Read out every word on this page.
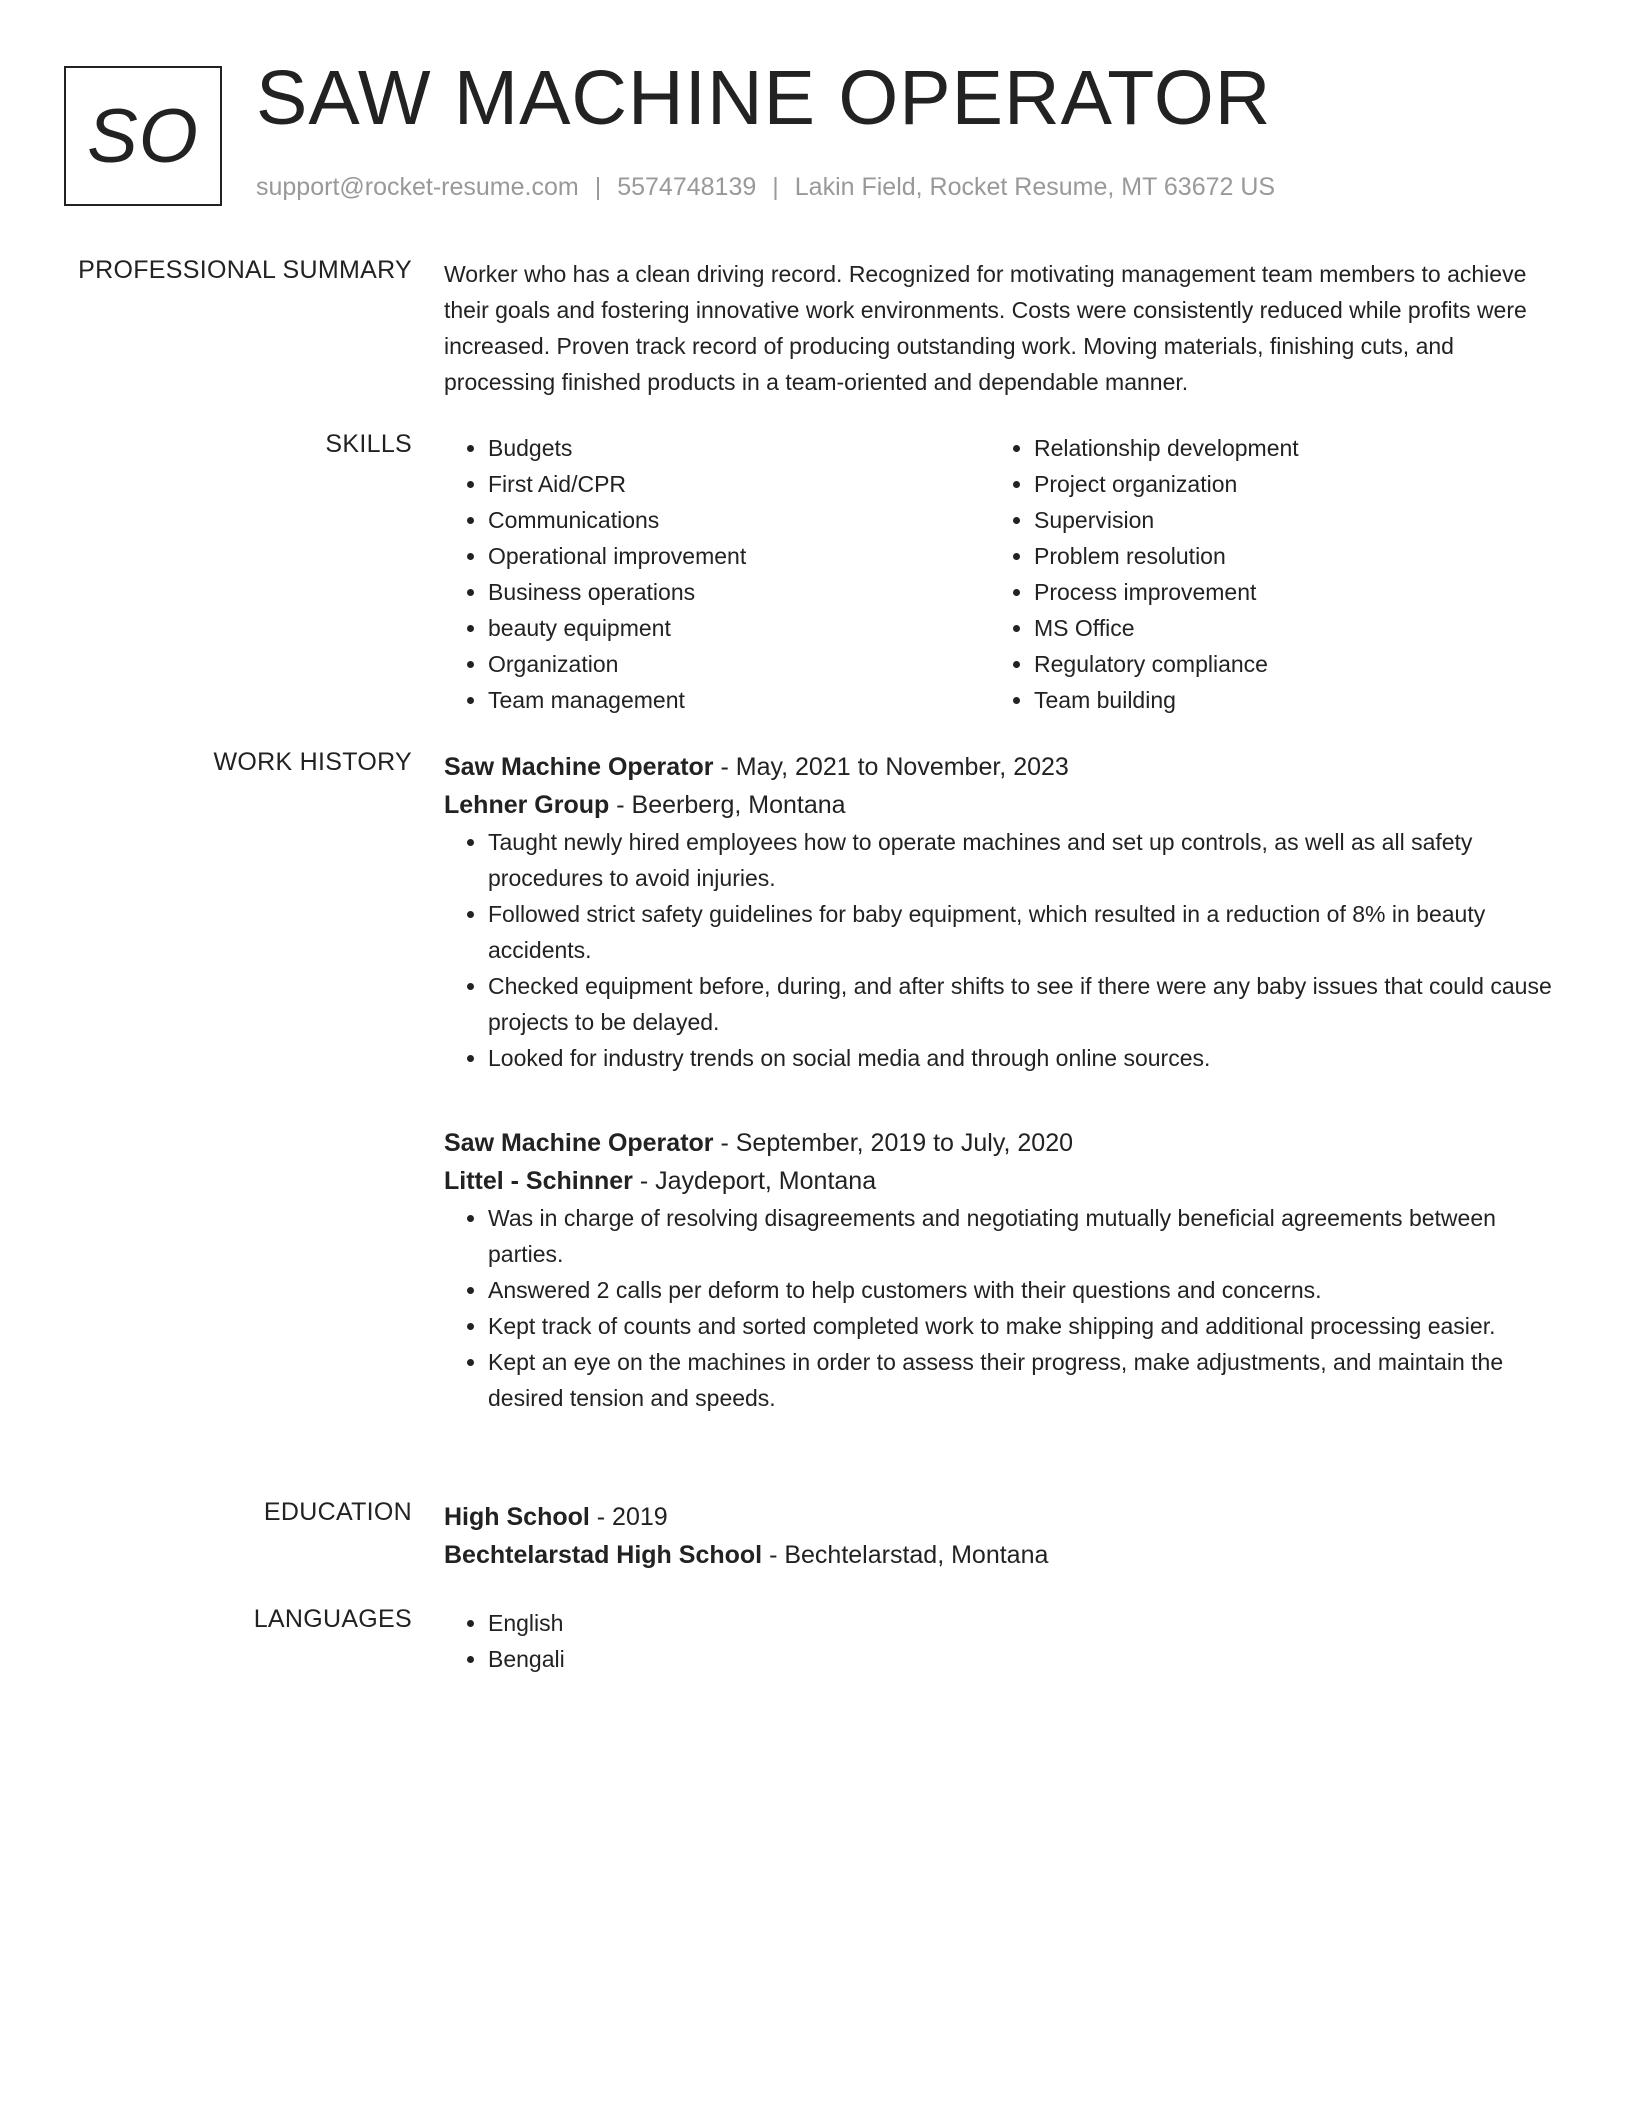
SO SAW MACHINE OPERATOR
support@rocket-resume.com | 5574748139 | Lakin Field, Rocket Resume, MT 63672 US
PROFESSIONAL SUMMARY Worker who has a clean driving record. Recognized for motivating management team members to achieve their goals and fostering innovative work environments. Costs were consistently reduced while profits were increased. Proven track record of producing outstanding work. Moving materials, finishing cuts, and processing finished products in a team-oriented and dependable manner.

SKILLS	• Budgets
• First Aid/CPR
• Communications
• Operational improvement
• Business operations
• beauty equipment
• Organization
• Team management
• Relationship development
• Project organization
• Supervision
• Problem resolution
• Process improvement
• MS Office
• Regulatory compliance
• Team building
WORK HISTORY Saw Machine Operator - May, 2021 to November, 2023
Lehner Group - Beerberg, Montana
• Taught newly hired employees how to operate machines and set up controls, as well as all safety procedures to avoid injuries.
• Followed strict safety guidelines for baby equipment, which resulted in a reduction of 8% in beauty accidents.
• Checked equipment before, during, and after shifts to see if there were any baby issues that could cause projects to be delayed.
• Looked for industry trends on social media and through online sources.
Saw Machine Operator - September, 2019 to July, 2020
Littel - Schinner - Jaydeport, Montana
• Was in charge of resolving disagreements and negotiating mutually beneficial agreements between parties.
• Answered 2 calls per deform to help customers with their questions and concerns.
• Kept track of counts and sorted completed work to make shipping and additional processing easier.
• Kept an eye on the machines in order to assess their progress, make adjustments, and maintain the desired tension and speeds.
EDUCATION High School - 2019
Bechtelarstad High School - Bechtelarstad, Montana
LANGUAGES	• English
• Bengali
